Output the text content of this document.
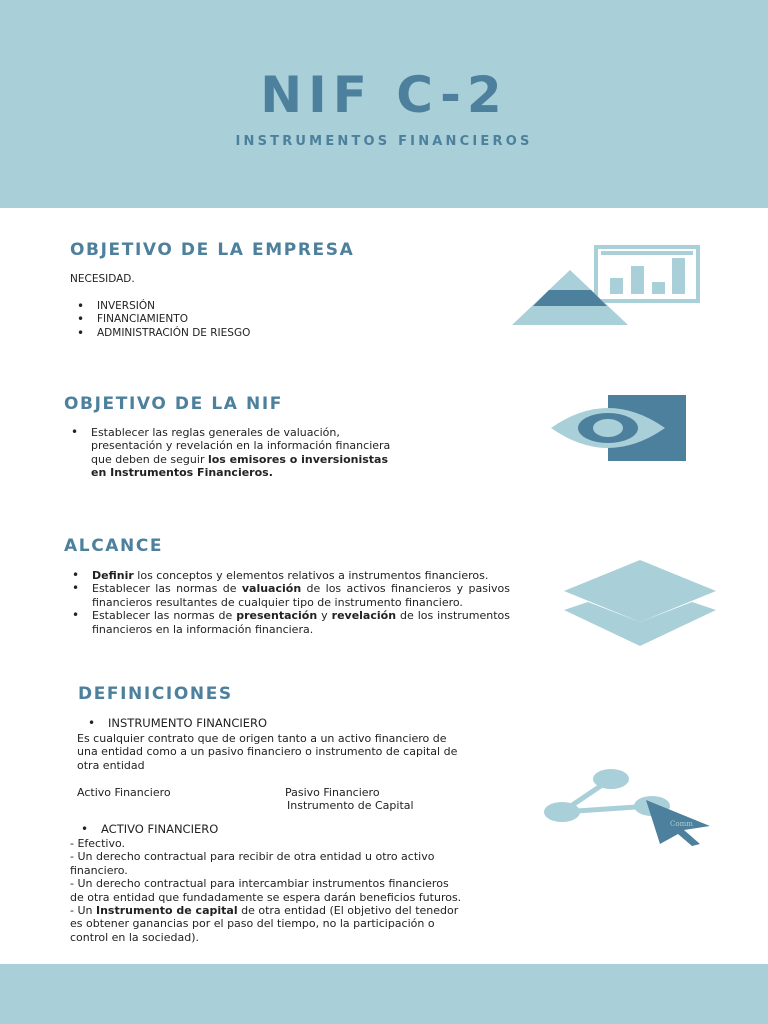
NIF C-2
INSTRUMENTOS FINANCIEROS
OBJETIVO DE LA EMPRESA
NECESIDAD.
• INVERSIÓN
• FINANCIAMIENTO
• ADMINISTRACIÓN DE RIESGO
OBJETIVO DE LA NIF
• Establecer las reglas generales de valuación, presentación y revelación en la información financiera que deben de seguir los emisores o inversionistas en Instrumentos Financieros.
ALCANCE
• Definir los conceptos y elementos relativos a instrumentos financieros.
• Establecer las normas de valuación de los activos financieros y pasivos financieros resultantes de cualquier tipo de instrumento financiero.
• Establecer las normas de presentación y revelación de los instrumentos financieros en la información financiera.
DEFINICIONES
• INSTRUMENTO FINANCIERO
Es cualquier contrato que de origen tanto a un activo financiero de una entidad como a un pasivo financiero o instrumento de capital de otra entidad
Activo Financiero	Pasivo Financiero
Instrumento de Capital
• ACTIVO FINANCIERO
- Efectivo.
- Un derecho contractual para recibir de otra entidad u otro activo financiero.
- Un derecho contractual para intercambiar instrumentos financieros de otra entidad que fundadamente se espera darán beneficios futuros.
- Un Instrumento de capital de otra entidad (El objetivo del tenedor es obtener ganancias por el paso del tiempo, no la participación o control en la sociedad).
Comm
